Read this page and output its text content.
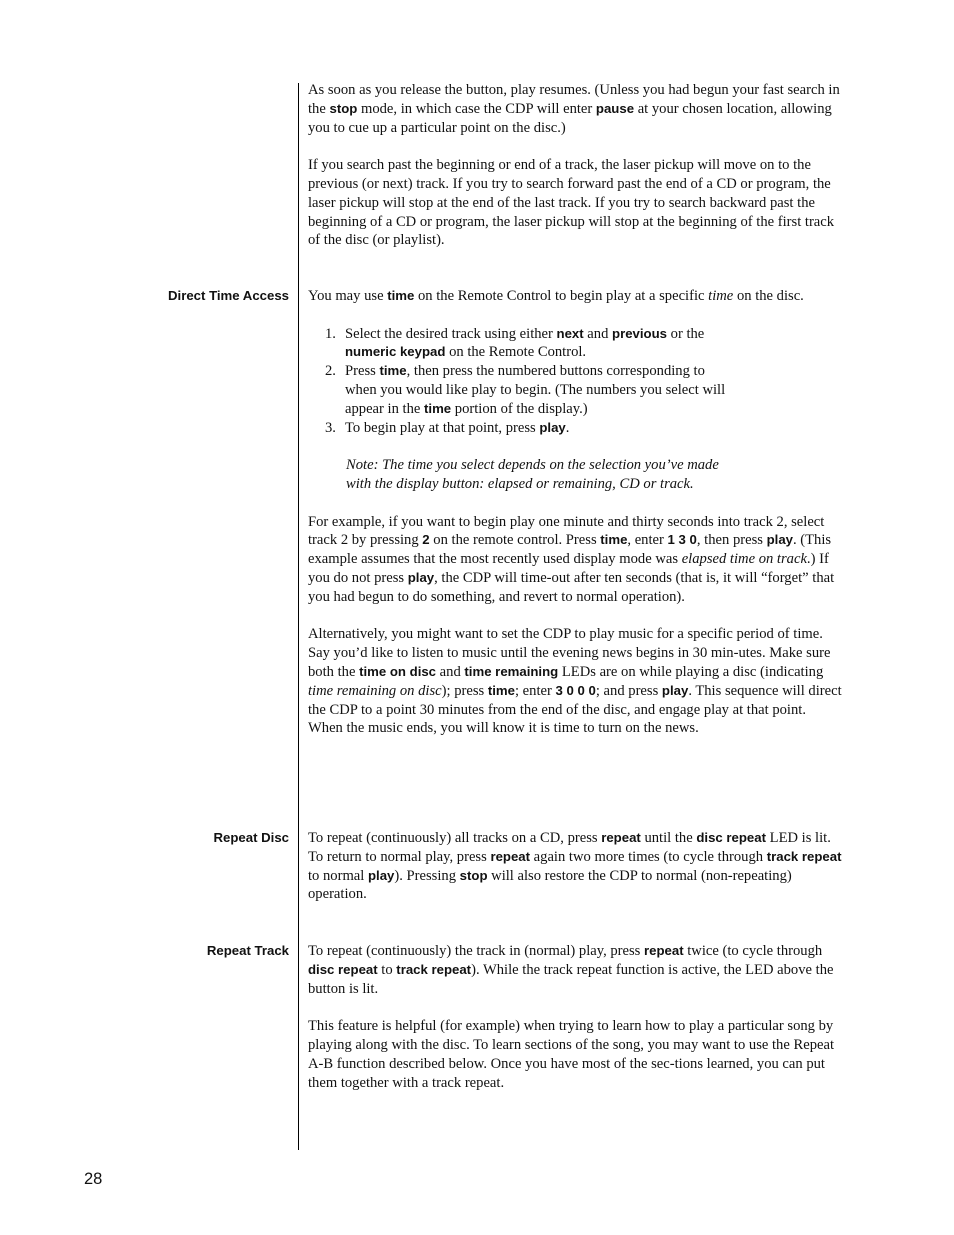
As soon as you release the button, play resumes. (Unless you had begun your fast search in the stop mode, in which case the CDP will enter pause at your chosen location, allowing you to cue up a particular point on the disc.)

If you search past the beginning or end of a track, the laser pickup will move on to the previous (or next) track. If you try to search forward past the end of a CD or program, the laser pickup will stop at the end of the last track. If you try to search backward past the beginning of a CD or program, the laser pickup will stop at the beginning of the first track of the disc (or playlist).

Direct Time Access You may use time on the Remote Control to begin play at a specific time on the disc.

1. Select the desired track using either next and previous or the
numeric keypad on the Remote Control.
2. Press time, then press the numbered buttons corresponding to
when you would like play to begin. (The numbers you select will
appear in the time portion of the display.)
3. To begin play at that point, press play.

Note: The time you select depends on the selection you’ve made
with the display button: elapsed or remaining, CD or track.

For example, if you want to begin play one minute and thirty seconds into track 2, select track 2 by pressing 2 on the remote control. Press time, enter 1 3 0, then press play. (This example assumes that the most recently used display mode was elapsed time on track.) If you do not press play, the CDP will time-out after ten seconds (that is, it will “forget” that you had begun to do something, and revert to normal operation).

Alternatively, you might want to set the CDP to play music for a specific period of time. Say you’d like to listen to music until the evening news begins in 30 min-utes. Make sure both the time on disc and time remaining LEDs are on while playing a disc (indicating time remaining on disc); press time; enter 3 0 0 0; and press play. This sequence will direct the CDP to a point 30 minutes from the end of the disc, and engage play at that point. When the music ends, you will know it is time to turn on the news.

Repeat Disc To repeat (continuously) all tracks on a CD, press repeat until the disc repeat LED is lit. To return to normal play, press repeat again two more times (to cycle through track repeat to normal play). Pressing stop will also restore the CDP to normal (non-repeating) operation.

Repeat Track To repeat (continuously) the track in (normal) play, press repeat twice (to cycle through disc repeat to track repeat). While the track repeat function is active, the LED above the button is lit.

This feature is helpful (for example) when trying to learn how to play a particular song by playing along with the disc. To learn sections of the song, you may want to use the Repeat A-B function described below. Once you have most of the sec-tions learned, you can put them together with a track repeat.

28
